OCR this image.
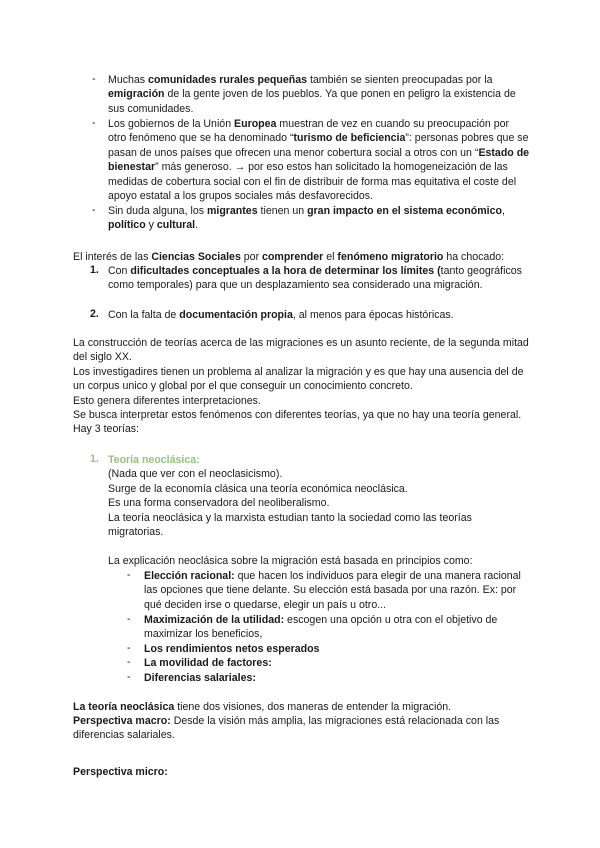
- Muchas comunidades rurales pequeñas también se sienten preocupadas por la emigración de la gente joven de los pueblos. Ya que ponen en peligro la existencia de sus comunidades.
- Los gobiernos de la Unión Europea muestran de vez en cuando su preocupación por otro fenómeno que se ha denominado “turismo de beficiencia”: personas pobres que se pasan de unos países que ofrecen una menor cobertura social a otros con un “Estado de bienestar” más generoso. → por eso estos han solicitado la homogeneización de las medidas de cobertura social con el fin de distribuir de forma mas equitativa el coste del apoyo estatal a los grupos sociales más desfavorecidos.
- Sin duda alguna, los migrantes tienen un gran impacto en el sistema económico, político y cultural.

El interés de las Ciencias Sociales por comprender el fenómeno migratorio ha chocado:

1. Con dificultades conceptuales a la hora de determinar los límites (tanto geográficos como temporales) para que un desplazamiento sea considerado una migración.
2. Con la falta de documentación propia, al menos para épocas históricas.

La construcción de teorías acerca de las migraciones es un asunto reciente, de la segunda mitad del siglo XX.

Los investigadires tienen un problema al analizar la migración y es que hay una ausencia del de un corpus unico y global por el que conseguir un conocimiento concreto.

Esto genera diferentes interpretaciones.

Se busca interpretar estos fenómenos con diferentes teorías, ya que no hay una teoría general. Hay 3 teorías:

1. Teoría neoclásica:
(Nada que ver con el neoclasicismo).
Surge de la economía clásica una teoría económica neoclásica.
Es una forma conservadora del neoliberalismo.
La teoría neoclásica y la marxista estudian tanto la sociedad como las teorías migratorias.
La explicación neoclásica sobre la migración está basada en principios como:
- Elección racional: que hacen los individuos para elegir de una manera racional las opciones que tiene delante. Su elección está basada por una razón. Ex: por qué deciden irse o quedarse, elegir un país u otro...
- Maximización de la utilidad: escogen una opción u otra con el objetivo de maximizar los beneficios,
- Los rendimientos netos esperados
- La movilidad de factores:
- Diferencias salariales:

La teoría neoclásica tiene dos visiones, dos maneras de entender la migración.

Perspectiva macro: Desde la visión más amplia, las migraciones está relacionada con las diferencias salariales.

Perspectiva micro:
